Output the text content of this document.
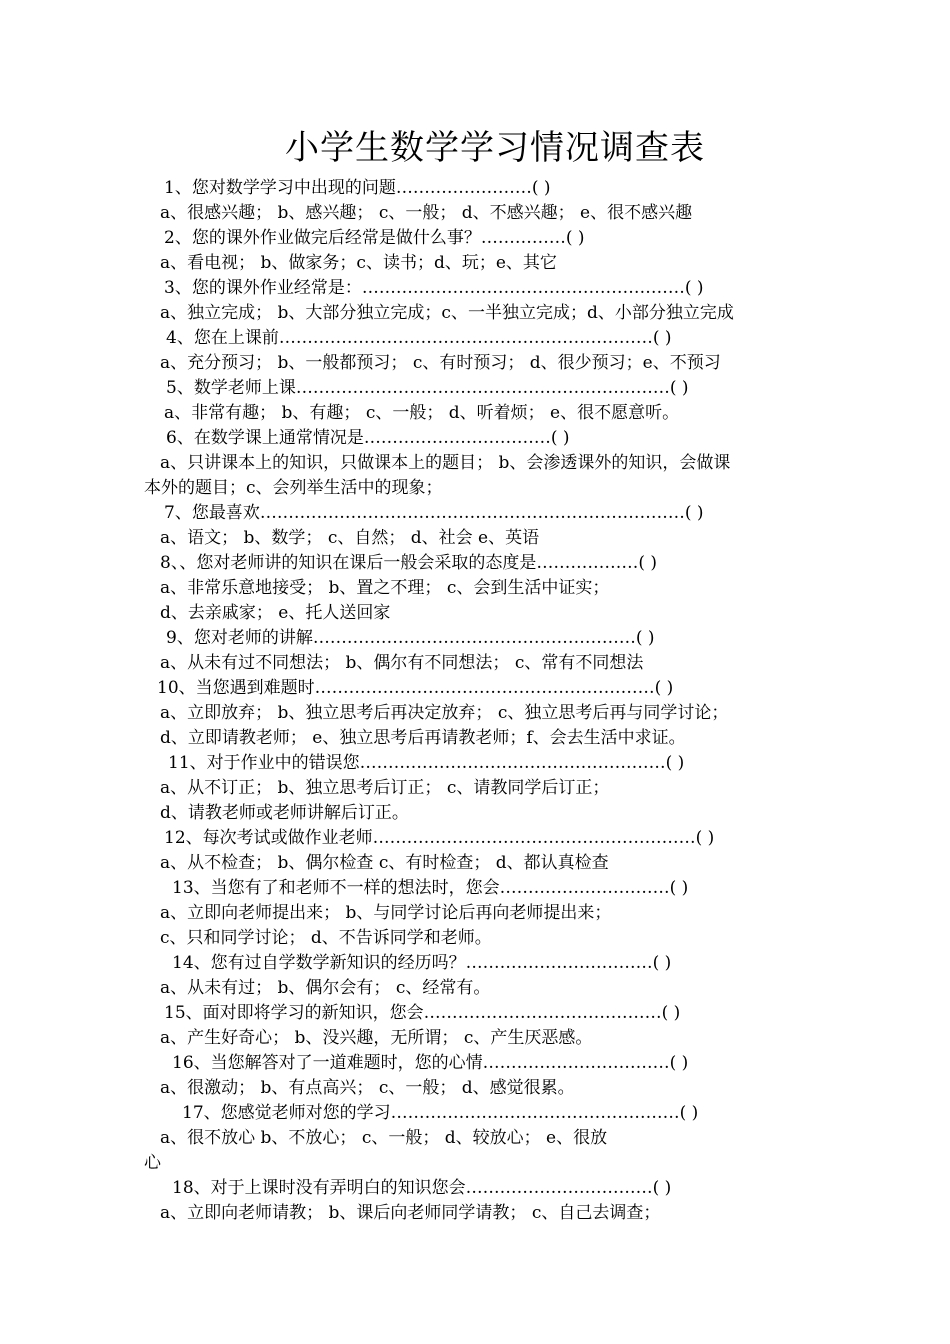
小学生数学学习情况调查表
1、您对数学学习中出现的问题……………………( )
a、很感兴趣； b、感兴趣； c、一般； d、不感兴趣； e、很不感兴趣
2、您的课外作业做完后经常是做什么事？……………( )
a、看电视； b、做家务；c、读书；d、玩；e、其它
3、您的课外作业经常是：…………………………………………………( )
a、独立完成； b、大部分独立完成；c、一半独立完成；d、小部分独立完成
4、您在上课前…………………………………………………………( )
a、充分预习； b、一般都预习； c、有时预习； d、很少预习；e、不预习
5、数学老师上课…………………………………………………………( )
a、非常有趣； b、有趣； c、一般； d、听着烦； e、很不愿意听。
6、在数学课上通常情况是……………………………( )
a、只讲课本上的知识，只做课本上的题目； b、会渗透课外的知识，会做课
本外的题目；c、会列举生活中的现象；
7、您最喜欢…………………………………………………………………( )
a、语文； b、数学； c、自然； d、社会 e、英语
8、、您对老师讲的知识在课后一般会采取的态度是………………( )
a、非常乐意地接受； b、置之不理； c、会到生活中证实；
d、去亲戚家； e、托人送回家
9、您对老师的讲解…………………………………………………( )
a、从未有过不同想法； b、偶尔有不同想法； c、常有不同想法
10、当您遇到难题时……………………………………………………( )
a、立即放弃； b、独立思考后再决定放弃； c、独立思考后再与同学讨论；
d、立即请教老师； e、独立思考后再请教老师；f、会去生活中求证。
11、对于作业中的错误您………………………………………………( )
a、从不订正； b、独立思考后订正； c、请教同学后订正；
d、请教老师或老师讲解后订正。
12、每次考试或做作业老师…………………………………………………( )
a、从不检查； b、偶尔检查 c、有时检查； d、都认真检查
13、当您有了和老师不一样的想法时，您会…………………………( )
a、立即向老师提出来； b、与同学讨论后再向老师提出来；
c、只和同学讨论； d、不告诉同学和老师。
14、您有过自学数学新知识的经历吗？……………………………( )
a、从未有过； b、偶尔会有； c、经常有。
15、面对即将学习的新知识，您会……………………………………( )
a、产生好奇心； b、没兴趣，无所谓； c、产生厌恶感。
16、当您解答对了一道难题时，您的心情……………………………( )
a、很激动； b、有点高兴； c、一般； d、感觉很累。
17、您感觉老师对您的学习……………………………………………( )
a、很不放心 b、不放心； c、一般； d、较放心； e、很放
心
18、对于上课时没有弄明白的知识您会……………………………( )
a、立即向老师请教； b、课后向老师同学请教； c、自己去调查；
